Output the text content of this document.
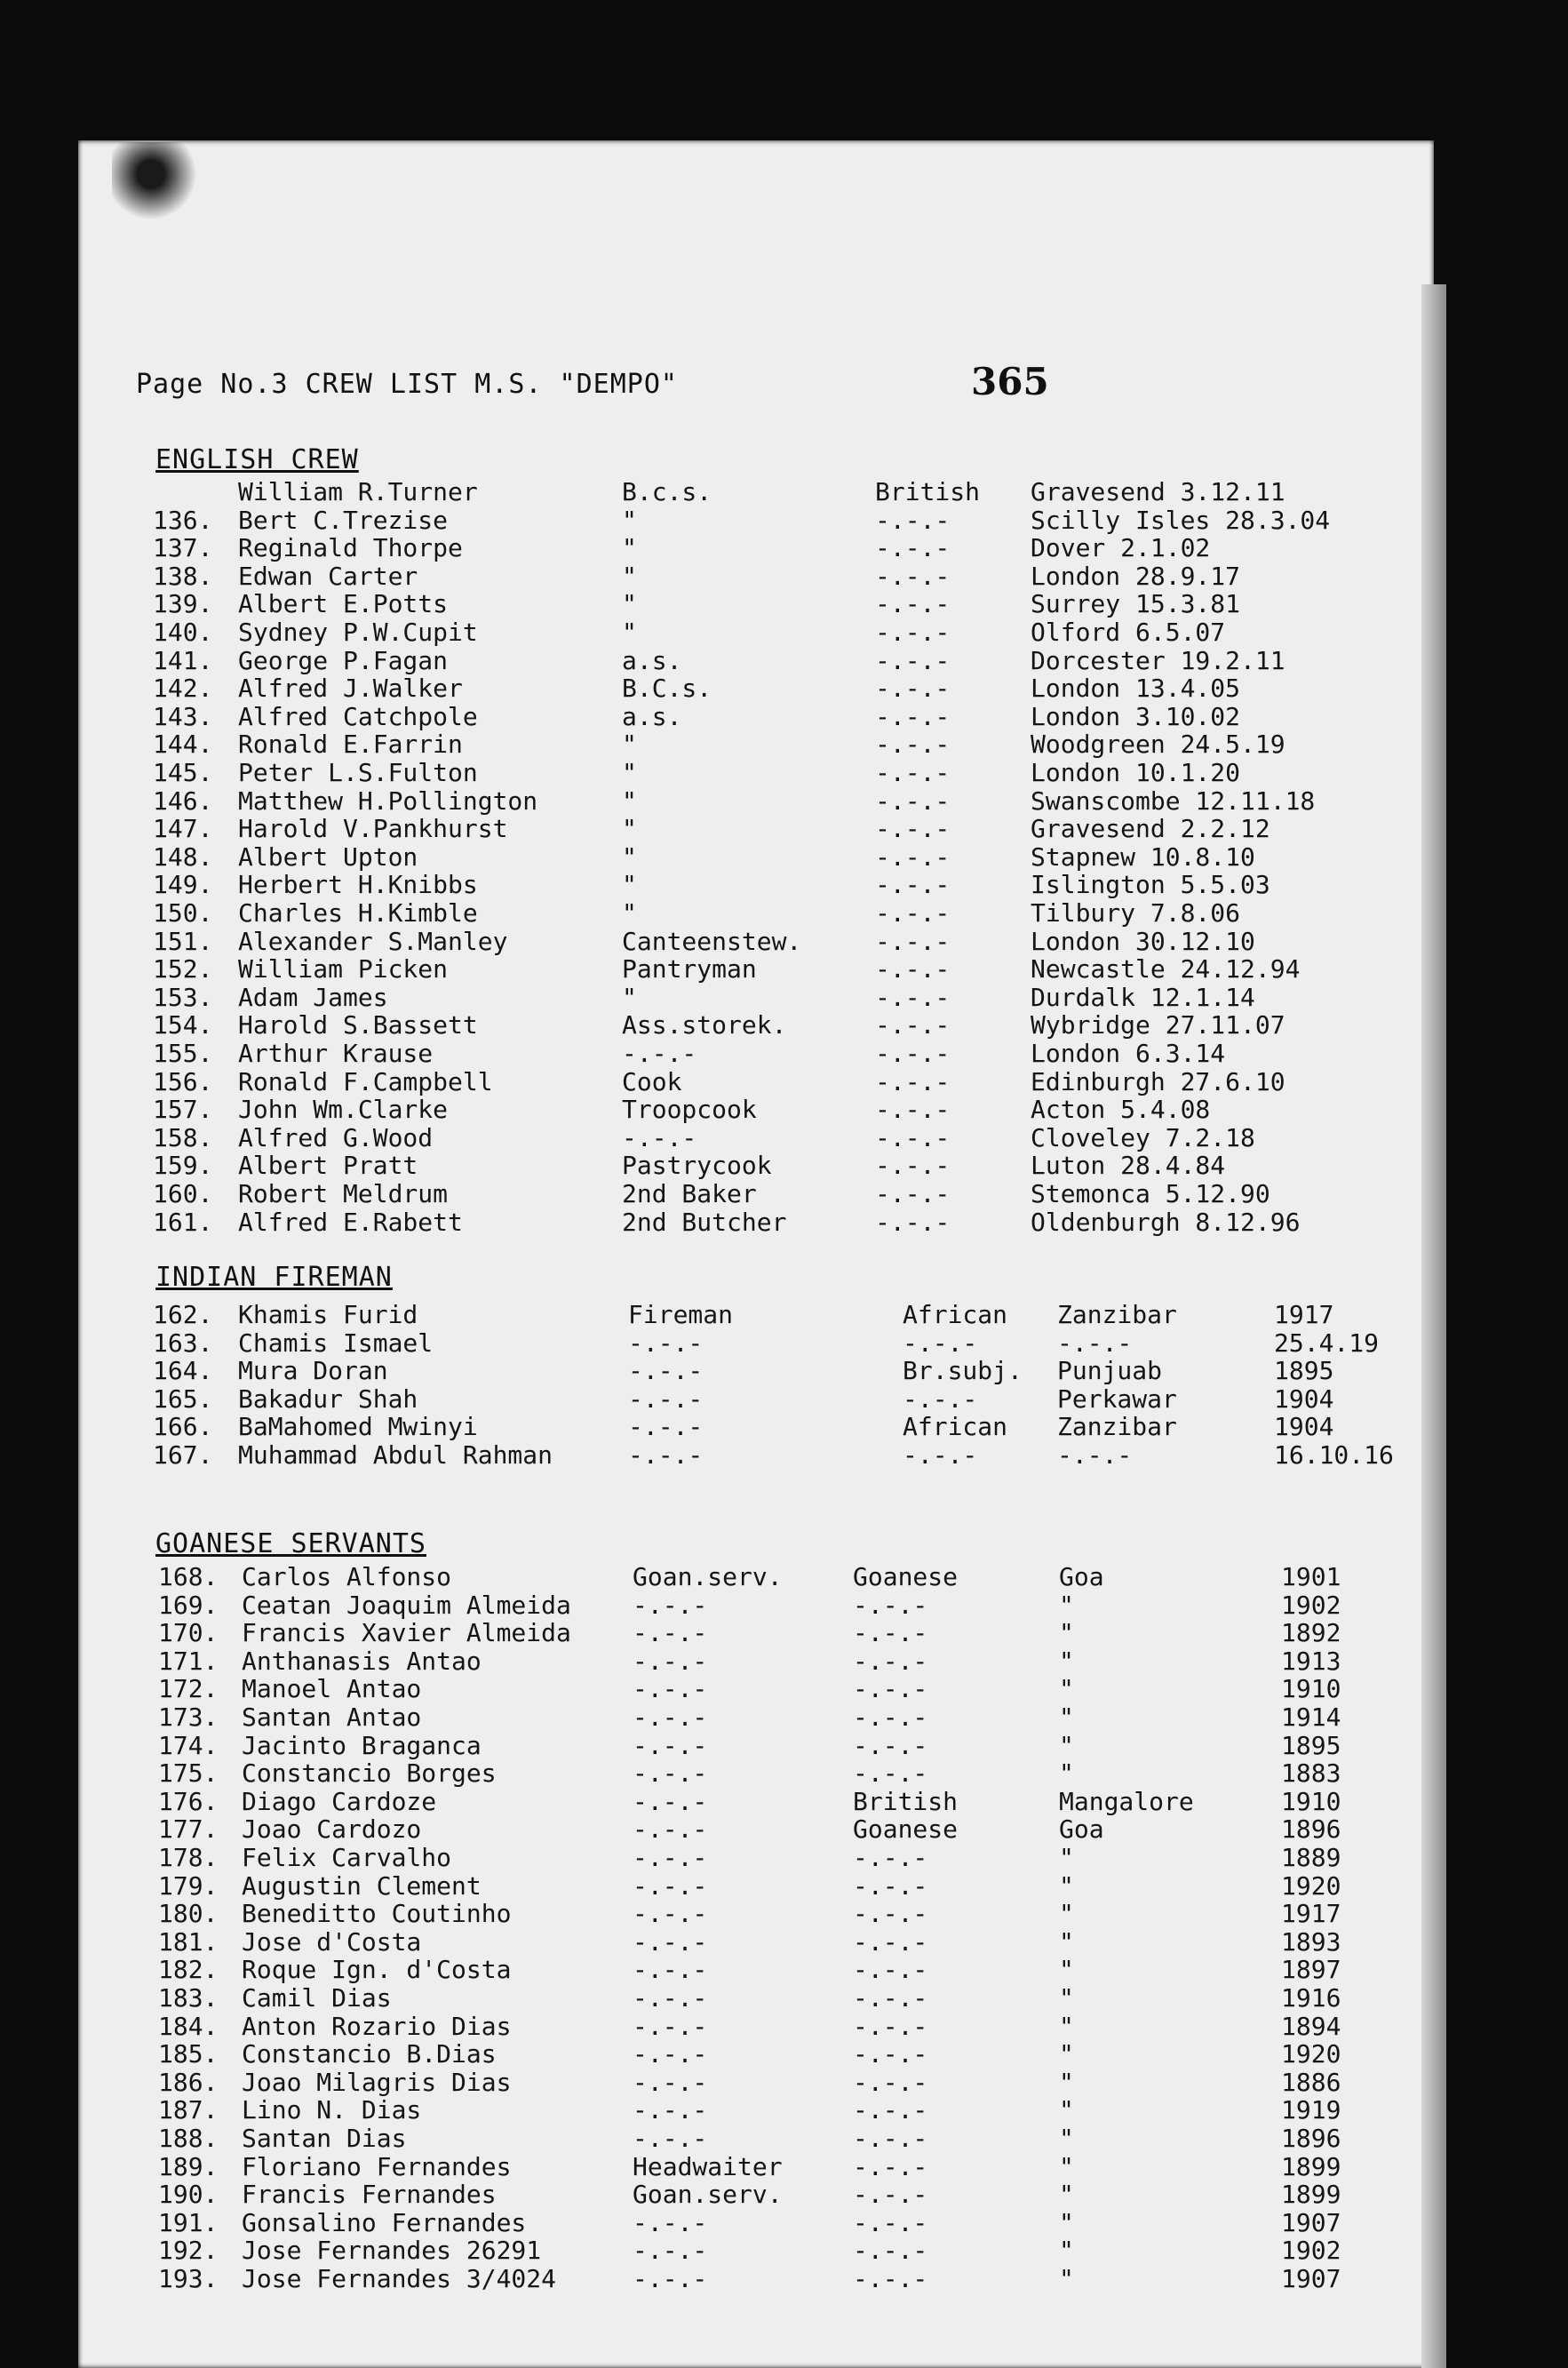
Page No.3 CREW LIST M.S. "DEMPO"	365
ENGLISH CREW
William R.Turner	B.c.s.	British Gravesend 3.12.11
136. Bert C.Trezise	"	-.-.-	Scilly Isles 28.3.04
137. Reginald Thorpe	"	-.-.-	Dover 2.1.02
138. Edwan Carter	"	-.-.-	London 28.9.17
139. Albert E.Potts	"	-.-.-	Surrey 15.3.81
140. Sydney P.W.Cupit	"	-.-.-	Olford 6.5.07
141. George P.Fagan	a.s.	-.-.-	Dorcester 19.2.11
142. Alfred J.Walker	B.C.s.	-.-.-	London 13.4.05
143. Alfred Catchpole	a.s.	-.-.-	London 3.10.02
144. Ronald E.Farrin	"	-.-.-	Woodgreen 24.5.19
145. Peter L.S.Fulton	"	-.-.-	London 10.1.20
146. Matthew H.Pollington	"	-.-.-	Swanscombe 12.11.18
147. Harold V.Pankhurst	"	-.-.-	Gravesend 2.2.12
148. Albert Upton	"	-.-.-	Stapnew 10.8.10
149. Herbert H.Knibbs	"	-.-.-	Islington 5.5.03
150. Charles H.Kimble	"	-.-.-	Tilbury 7.8.06
151. Alexander S.Manley	Canteenstew.	-.-.-	London 30.12.10
152. William Picken	Pantryman	-.-.-	Newcastle 24.12.94
153. Adam James	"	-.-.-	Durdalk 12.1.14
154. Harold S.Bassett	Ass.storek.	-.-.-	Wybridge 27.11.07
155. Arthur Krause	-.-.-	-.-.-	London 6.3.14
156. Ronald F.Campbell	Cook	-.-.-	Edinburgh 27.6.10
157. John Wm.Clarke	Troopcook	-.-.-	Acton 5.4.08
158. Alfred G.Wood	-.-.-	-.-.-	Cloveley 7.2.18
159. Albert Pratt	Pastrycook	-.-.-	Luton 28.4.84
160. Robert Meldrum	2nd Baker	-.-.-	Stemonca 5.12.90
161. Alfred E.Rabett	2nd Butcher	-.-.-	Oldenburgh 8.12.96
INDIAN FIREMAN
162. Khamis Furid	Fireman	African Zanzibar	1917
163. Chamis Ismael	-.-.-	-.-.-	-.-.-	25.4.19
164. Mura Doran	-.-.-	Br.subj. Punjuab	1895
165. Bakadur Shah	-.-.-	-.-.-	Perkawar	1904
166. BaMahomed Mwinyi	-.-.-	African Zanzibar	1904
167. Muhammad Abdul Rahman	-.-.-	-.-.-	-.-.-	16.10.16
GOANESE SERVANTS
168. Carlos Alfonso	Goan.serv.	Goanese	Goa	1901
169. Ceatan Joaquim Almeida -.-.-	-.-.-	"	1902
170. Francis Xavier Almeida -.-.-	-.-.-	"	1892
171. Anthanasis Antao	-.-.-	-.-.-	"	1913
172. Manoel Antao	-.-.-	-.-.-	"	1910
173. Santan Antao	-.-.-	-.-.-	"	1914
174. Jacinto Braganca	-.-.-	-.-.-	"	1895
175. Constancio Borges	-.-.-	-.-.-	"	1883
176. Diago Cardoze	-.-.-	British	Mangalore	1910
177. Joao Cardozo	-.-.-	Goanese	Goa	1896
178. Felix Carvalho	-.-.-	-.-.-	"	1889
179. Augustin Clement	-.-.-	-.-.-	"	1920
180. Beneditto Coutinho	-.-.-	-.-.-	"	1917
181. Jose d'Costa	-.-.-	-.-.-	"	1893
182. Roque Ign. d'Costa	-.-.-	-.-.-	"	1897
183. Camil Dias	-.-.-	-.-.-	"	1916
184. Anton Rozario Dias	-.-.-	-.-.-	"	1894
185. Constancio B.Dias	-.-.-	-.-.-	"	1920
186. Joao Milagris Dias	-.-.-	-.-.-	"	1886
187. Lino N. Dias	-.-.-	-.-.-	"	1919
188. Santan Dias	-.-.-	-.-.-	"	1896
189. Floriano Fernandes	Headwaiter	-.-.-	"	1899
190. Francis Fernandes	Goan.serv.	-.-.-	"	1899
191. Gonsalino Fernandes	-.-.-	-.-.-	"	1907
192. Jose Fernandes 26291	-.-.-	-.-.-	"	1902
193. Jose Fernandes 3/4024	-.-.-	-.-.-	"	1907
